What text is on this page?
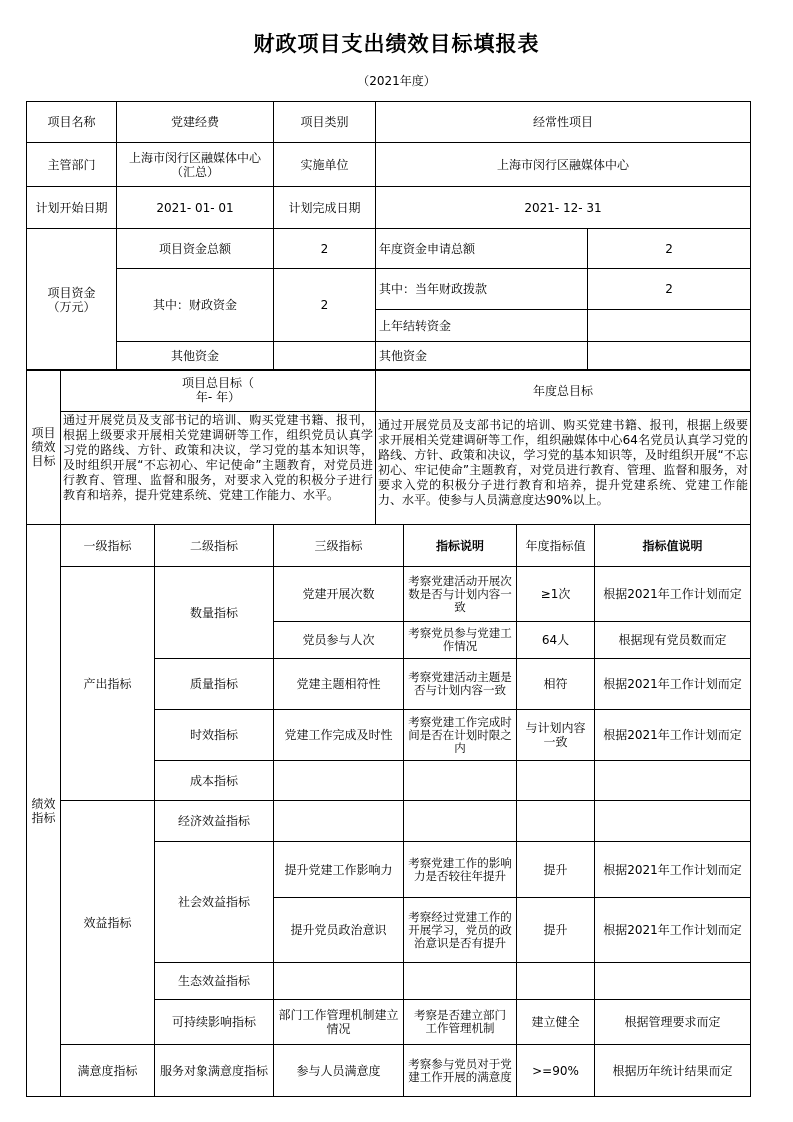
财政项目支出绩效目标填报表
（2021年度）
项目名称	党建经费	项目类别	经常性项目	
主管部门	上海市闵行区融媒体中心（汇总）	实施单位	上海市闵行区融媒体中心	
计划开始日期	2021- 01- 01	计划完成日期	2021- 12- 31	
项目资金（万元）	项目资金总额	2	年度资金申请总额	2
	其中：财政资金	2	其中：当年财政拨款	2
			上年结转资金	
	其他资金		其他资金	
项目绩效目标	项目总目标（ 年- 年）	年度总目标
	通过开展党员及支部书记的培训、购买党建书籍、报刊，根据上级要求开展相关党建调研等工作，组织党员认真学习党的路线、方针、政策和决议，学习党的基本知识等，及时组织开展“不忘初心、牢记使命”主题教育，对党员进行教育、管理、监督和服务，对要求入党的积极分子进行教育和培养，提升党建系统、党建工作能力、水平。	通过开展党员及支部书记的培训、购买党建书籍、报刊，根据上级要求开展相关党建调研等工作，组织融媒体中心64名党员认真学习党的路线、方针、政策和决议，学习党的基本知识等，及时组织开展“不忘初心、牢记使命”主题教育，对党员进行教育、管理、监督和服务，对要求入党的积极分子进行教育和培养，提升党建系统、党建工作能力、水平。使参与人员满意度达90%以上。
绩效指标	一级指标	二级指标	三级指标	指标说明	年度指标值	指标值说明
	产出指标	数量指标	党建开展次数	考察党建活动开展次数是否与计划内容一致	≥1次	根据2021年工作计划而定
			党员参与人次	考察党员参与党建工作情况	64人	根据现有党员数而定
		质量指标	党建主题相符性	考察党建活动主题是否与计划内容一致	相符	根据2021年工作计划而定
		时效指标	党建工作完成及时性	考察党建工作完成时间是否在计划时限之内	与计划内容一致	根据2021年工作计划而定
		成本指标				
	效益指标	经济效益指标				
		社会效益指标	提升党建工作影响力	考察党建工作的影响力是否较往年提升	提升	根据2021年工作计划而定
			提升党员政治意识	考察经过党建工作的开展学习，党员的政治意识是否有提升	提升	根据2021年工作计划而定
		生态效益指标				
		可持续影响指标	部门工作管理机制建立情况	考察是否建立部门工作管理机制	建立健全	根据管理要求而定
	满意度指标	服务对象满意度指标	参与人员满意度	考察参与党员对于党建工作开展的满意度	>=90%	根据历年统计结果而定
